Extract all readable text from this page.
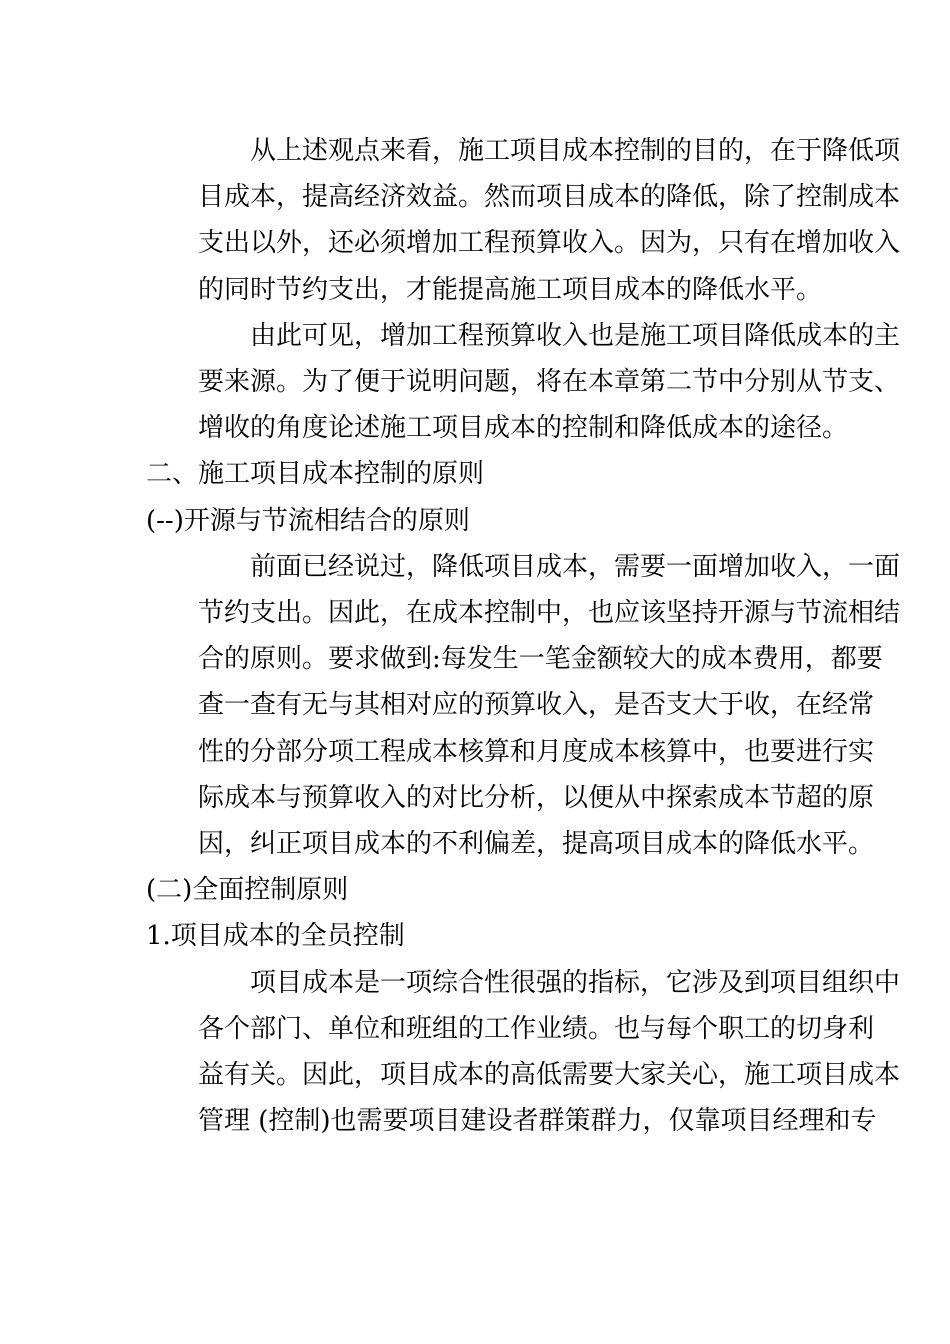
从上述观点来看，施工项目成本控制的目的，在于降低项
目成本，提高经济效益。然而项目成本的降低，除了控制成本
支出以外，还必须增加工程预算收入。因为，只有在增加收入
的同时节约支出，才能提高施工项目成本的降低水平。

由此可见，增加工程预算收入也是施工项目降低成本的主
要来源。为了便于说明问题，将在本章第二节中分别从节支、
增收的角度论述施工项目成本的控制和降低成本的途径。

二、施工项目成本控制的原则

(--)开源与节流相结合的原则

前面已经说过，降低项目成本，需要一面增加收入，一面
节约支出。因此，在成本控制中，也应该坚持开源与节流相结
合的原则。要求做到:每发生一笔金额较大的成本费用，都要
查一查有无与其相对应的预算收入，是否支大于收，在经常
性的分部分项工程成本核算和月度成本核算中，也要进行实
际成本与预算收入的对比分析，以便从中探索成本节超的原
因，纠正项目成本的不利偏差，提高项目成本的降低水平。

(二)全面控制原则

1.项目成本的全员控制

项目成本是一项综合性很强的指标，它涉及到项目组织中
各个部门、单位和班组的工作业绩。也与每个职工的切身利
益有关。因此，项目成本的高低需要大家关心，施工项目成本
管理 (控制)也需要项目建设者群策群力，仅靠项目经理和专
